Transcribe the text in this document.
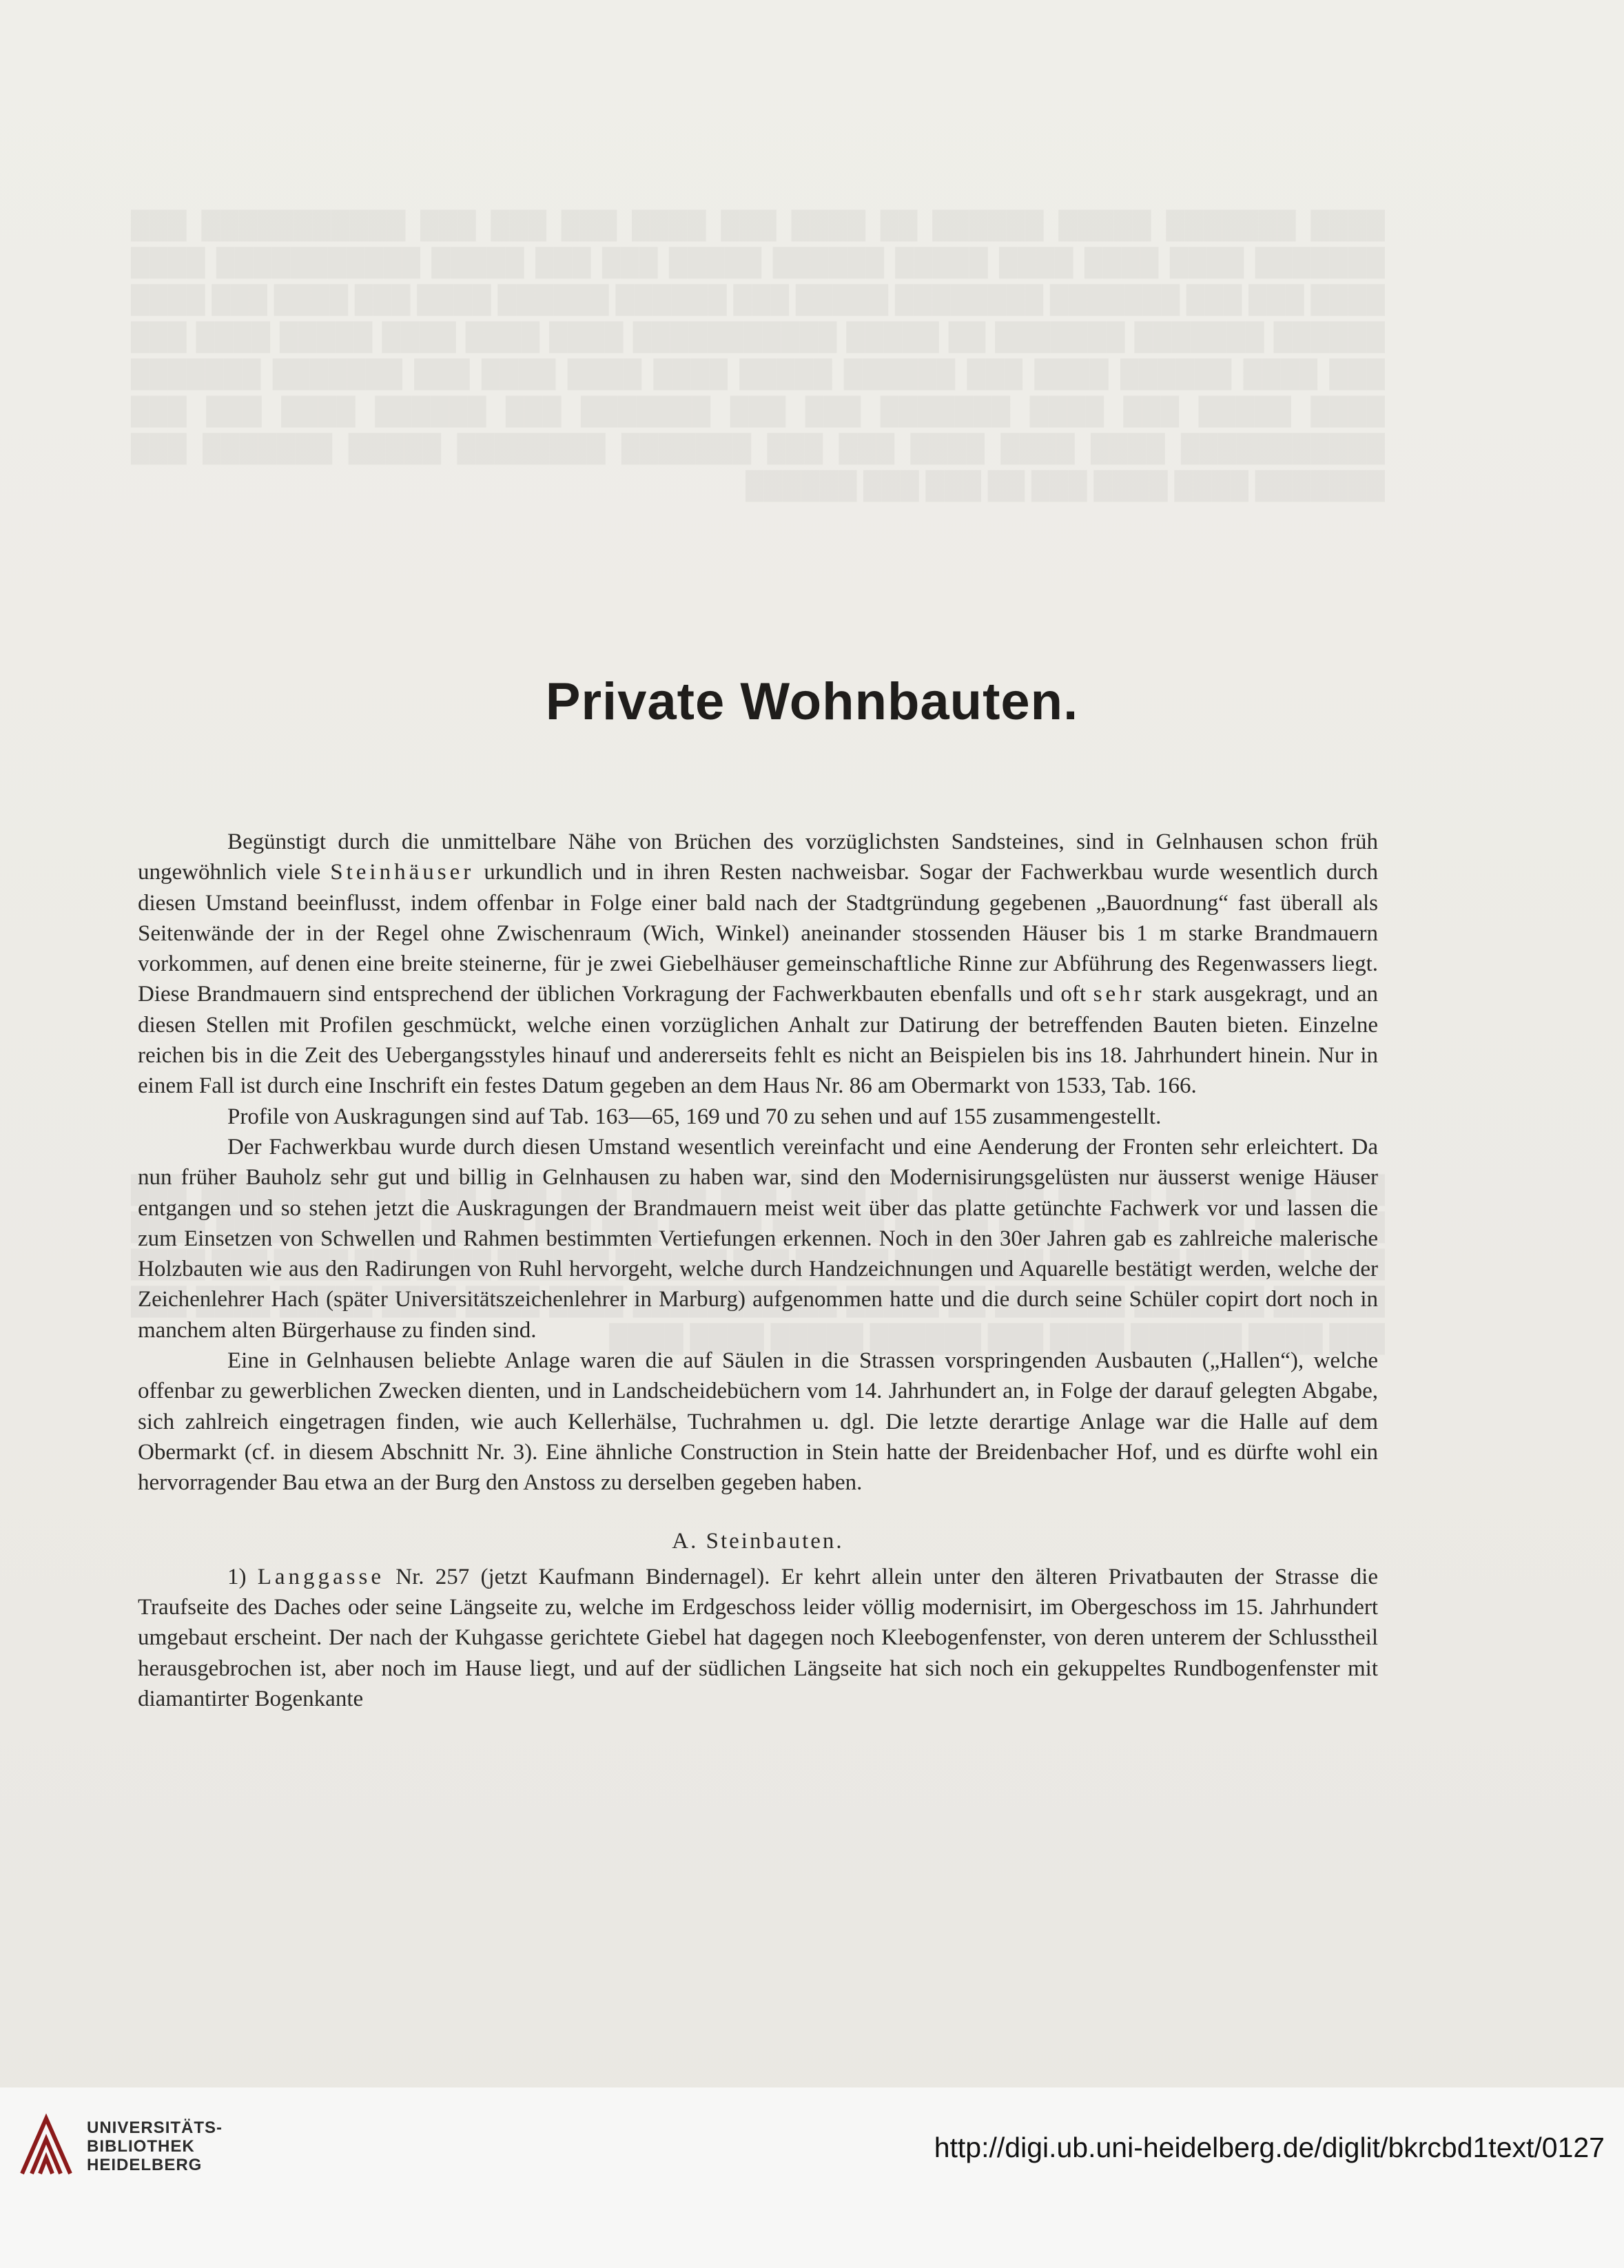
Private Wohnbauten.

Begünstigt durch die unmittelbare Nähe von Brüchen des vorzüglichsten Sandsteines, sind in Gelnhausen schon früh ungewöhnlich viele Steinhäuser urkundlich und in ihren Resten nachweisbar. Sogar der Fachwerkbau wurde wesentlich durch diesen Umstand beeinflusst, indem offenbar in Folge einer bald nach der Stadtgründung gegebenen „Bauordnung“ fast überall als Seitenwände der in der Regel ohne Zwischenraum (Wich, Winkel) aneinander stossenden Häuser bis 1 m starke Brandmauern vorkommen, auf denen eine breite steinerne, für je zwei Giebelhäuser gemeinschaftliche Rinne zur Abführung des Regenwassers liegt. Diese Brandmauern sind entsprechend der üblichen Vorkragung der Fachwerkbauten ebenfalls und oft sehr stark ausgekragt, und an diesen Stellen mit Profilen geschmückt, welche einen vorzüglichen Anhalt zur Datirung der betreffenden Bauten bieten. Einzelne reichen bis in die Zeit des Uebergangsstyles hinauf und andererseits fehlt es nicht an Beispielen bis ins 18. Jahrhundert hinein. Nur in einem Fall ist durch eine Inschrift ein festes Datum gegeben an dem Haus Nr. 86 am Obermarkt von 1533, Tab. 166.

Profile von Auskragungen sind auf Tab. 163—65, 169 und 70 zu sehen und auf 155 zusammengestellt.

Der Fachwerkbau wurde durch diesen Umstand wesentlich vereinfacht und eine Aenderung der Fronten sehr erleichtert. Da nun früher Bauholz sehr gut und billig in Gelnhausen zu haben war, sind den Modernisirungsgelüsten nur äusserst wenige Häuser entgangen und so stehen jetzt die Auskragungen der Brandmauern meist weit über das platte getünchte Fachwerk vor und lassen die zum Einsetzen von Schwellen und Rahmen bestimmten Vertiefungen erkennen. Noch in den 30er Jahren gab es zahlreiche malerische Holzbauten wie aus den Radirungen von Ruhl hervorgeht, welche durch Handzeichnungen und Aquarelle bestätigt werden, welche der Zeichenlehrer Hach (später Universitätszeichenlehrer in Marburg) aufgenommen hatte und die durch seine Schüler copirt dort noch in manchem alten Bürgerhause zu finden sind.

Eine in Gelnhausen beliebte Anlage waren die auf Säulen in die Strassen vorspringenden Ausbauten („Hallen“), welche offenbar zu gewerblichen Zwecken dienten, und in Landscheidebüchern vom 14. Jahrhundert an, in Folge der darauf gelegten Abgabe, sich zahlreich eingetragen finden, wie auch Kellerhälse, Tuchrahmen u. dgl. Die letzte derartige Anlage war die Halle auf dem Obermarkt (cf. in diesem Abschnitt Nr. 3). Eine ähnliche Construction in Stein hatte der Breidenbacher Hof, und es dürfte wohl ein hervorragender Bau etwa an der Burg den Anstoss zu derselben gegeben haben.

A. Steinbauten.

1) Langgasse Nr. 257 (jetzt Kaufmann Bindernagel). Er kehrt allein unter den älteren Privatbauten der Strasse die Traufseite des Daches oder seine Längseite zu, welche im Erdgeschoss leider völlig modernisirt, im Obergeschoss im 15. Jahrhundert umgebaut erscheint. Der nach der Kuhgasse gerichtete Giebel hat dagegen noch Kleebogenfenster, von deren unterem der Schlusstheil herausgebrochen ist, aber noch im Hause liegt, und auf der südlichen Längseite hat sich noch ein gekuppeltes Rundbogenfenster mit diamantirter Bogenkante

UNIVERSITÄTS-
BIBLIOTHEK
HEIDELBERG
http://digi.ub.uni-heidelberg.de/diglit/bkrcbd1text/0127
